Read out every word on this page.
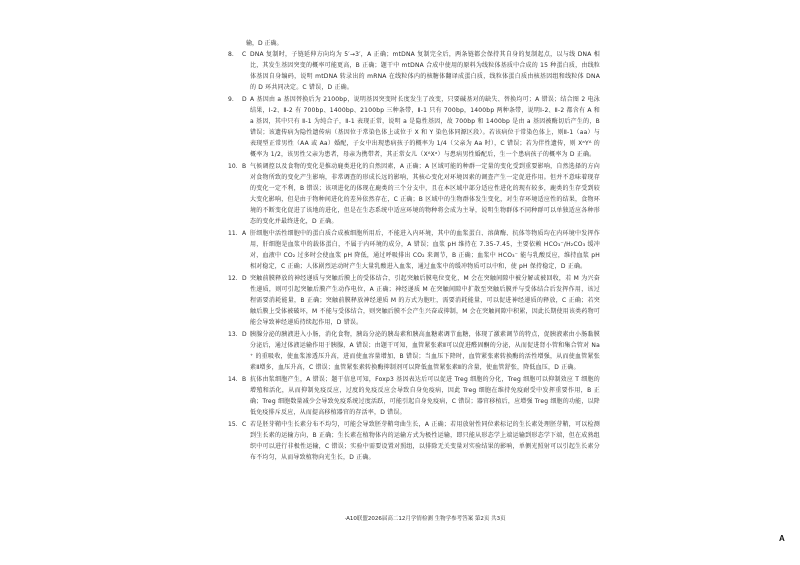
输，D 正确。
8.	C DNA 复制时，子链延伸方向均为 5′→3′，A 正确；mtDNA 复制完全后，两条链都会保持其自身的复制起点，以与线 DNA 相比，其发生基因突变的概率可能更高，B 正确；题干中 mtDNA 合成中使用的原料为线粒体基质中合成的 15 种蛋白质，由线粒体基因自身编码，说明 mtDNA 转录出的 mRNA 在线粒体内的核糖体翻译成蛋白质，线粒体蛋白质由核基因组和线粒体 DNA 的 D 环共同决定。C 错误，D 正确。
9.	D A 基因由 a 基因替换后为 2100bp，说明基因突变时长度发生了改变，只要碱基对的缺失、替换均可；A 错误；结合图 2 电泳结果，Ⅰ-2、Ⅱ-2 有 700bp、1400bp、2100bp 三种条带，Ⅱ-1 只有 700bp，1400bp 两种条带，说明Ⅰ-2、Ⅱ-2 都含有 A 和 a 基因，其中只有 Ⅱ-1 为纯合子，Ⅱ-1 表现正常，说明 a 是隐性基因，故 700bp 和 1400bp 是由 a 基因被酶切后产生的，B 错误；该遗传病为隐性遗传病（基因位于常染色体上或位于 X 和 Y 染色体同源区段）。若该病位于常染色体上，则Ⅱ-1（aa）与表现型正常男性（AA 或 Aa）婚配，子女中出现患病孩子的概率为 1/4（父亲为 Aa 时），C 错误；若为伴性遗传，则 XᵃYᴬ 的概率为 1/2，该男性父亲为患者，母亲为携带者，其正常女儿（XᴬXᵃ）与患病男性婚配后，生一个患病孩子的概率为 D 正确。
10. B 气候调控以及食物的变化是推动鹿类进化的自然因素，A 正确；A 区域可能的种群一定量的变化受到重要影响，自然选择的方向对食物所致的变化产生影响，非常调查的形成长远的影响，其核心变化对环境因素的调查产生一定促进作用。但并不意味着现存的变化一定不利，B 错误；该项进化的体现在鹿类的三个分支中，且在本区域中部分适应性进化的现有较多，鹿类的生存受到较大变化影响，但是由于物种间进化的差异依然存在，C 正确；B 区域中的生物群体发生变化，对生存环境适应性的结果，食物环境的不断变化促进了该地的进化，但是在生态系统中适应环境的物种将会成为主导，说明生物群体不同种群可以单独适应各种形态的变化并最终进化，D 正确。
11. A 肝细胞中活性细胞中的蛋白质合成被细胞所用后，不能进入内环境，其中的血浆蛋白、溶菌酶、抗体等物质均在内环境中发挥作用，肝细胞是血浆中的载体蛋白，不属于内环境的成分，A 错误；血浆 pH 维持在 7.35-7.45，主要依赖 HCO₃⁻/H₂CO₃ 缓冲对，血液中 CO₂ 过多时会使血浆 pH 降低，通过呼吸排出 CO₂ 来调节，B 正确；血浆中 HCO₃⁻ 能与乳酸反应，维持血浆 pH 相对稳定，C 正确；人体剧烈运动时产生大量乳酸进入血浆，通过血浆中的缓冲物质可以中和，使 pH 保持稳定，D 正确。
12. D 突触前膜释放的神经递质与突触后膜上的受体结合，引起突触后膜电位变化，M 会在突触间隙中被分解或被回收，若 M 为兴奋性递质，则可引起突触后膜产生动作电位，A 正确；神经递质 M 在突触间隙中扩散至突触后膜并与受体结合后发挥作用，该过程需要消耗能量，B 正确；突触前膜释放神经递质 M 的方式为胞吐，需要消耗能量，可以促进神经递质的释放，C 正确；若突触后膜上受体被破坏，M 不能与受体结合，则突触后膜不会产生兴奋或抑制，M 会在突触间隙中积累，因此长期使用该类药物可能会导致神经递质持续起作用，D 错误。
13. D 胰腺分泌的胰液进入小肠，消化食物，胰岛分泌的胰岛素和胰高血糖素调节血糖，体现了激素调节的特点，促胰液素由小肠黏膜分泌后，通过体液运输作用于胰腺，A 错误；由题干可知，血管紧张素Ⅱ可以促进醛固酮的分泌，从而促进肾小管和集合管对 Na⁺ 的重吸收，使血浆渗透压升高，进而使血容量增加，B 错误；当血压下降时，血管紧张素转换酶的活性增强，从而使血管紧张素Ⅱ增多，血压升高，C 错误；血管紧张素转换酶抑制剂可以降低血管紧张素Ⅱ的含量，使血管舒张，降低血压，D 正确。
14. B 抗体由浆细胞产生，A 错误；题干信息可知，Foxp3 基因表达后可以促进 Treg 细胞的分化，Treg 细胞可以抑制效应 T 细胞的增殖和活化，从而抑制免疫反应，过度的免疫反应会导致自身免疫病，因此 Treg 细胞在维持免疫耐受中发挥重要作用，B 正确；Treg 细胞数量减少会导致免疫系统过度活跃，可能引起自身免疫病，C 错误；器官移植后，应增强 Treg 细胞的功能，以降低免疫排斥反应，从而提高移植器官的存活率，D 错误。
15. C 若是胚芽鞘中生长素分布不均匀，可能会导致胚芽鞘弯曲生长，A 正确；若用放射性同位素标记的生长素处理胚芽鞘，可以检测到生长素的运输方向，B 正确；生长素在植物体内的运输方式为极性运输，即只能从形态学上端运输到形态学下端，但在成熟组织中可以进行非极性运输，C 错误；实验中需要设置对照组，以排除无关变量对实验结果的影响，单侧光照射可以引起生长素分布不均匀，从而导致植物向光生长，D 正确。
·A10联盟2026届高二12月学情检测 生物学参考答案 第2页 共3页
A
